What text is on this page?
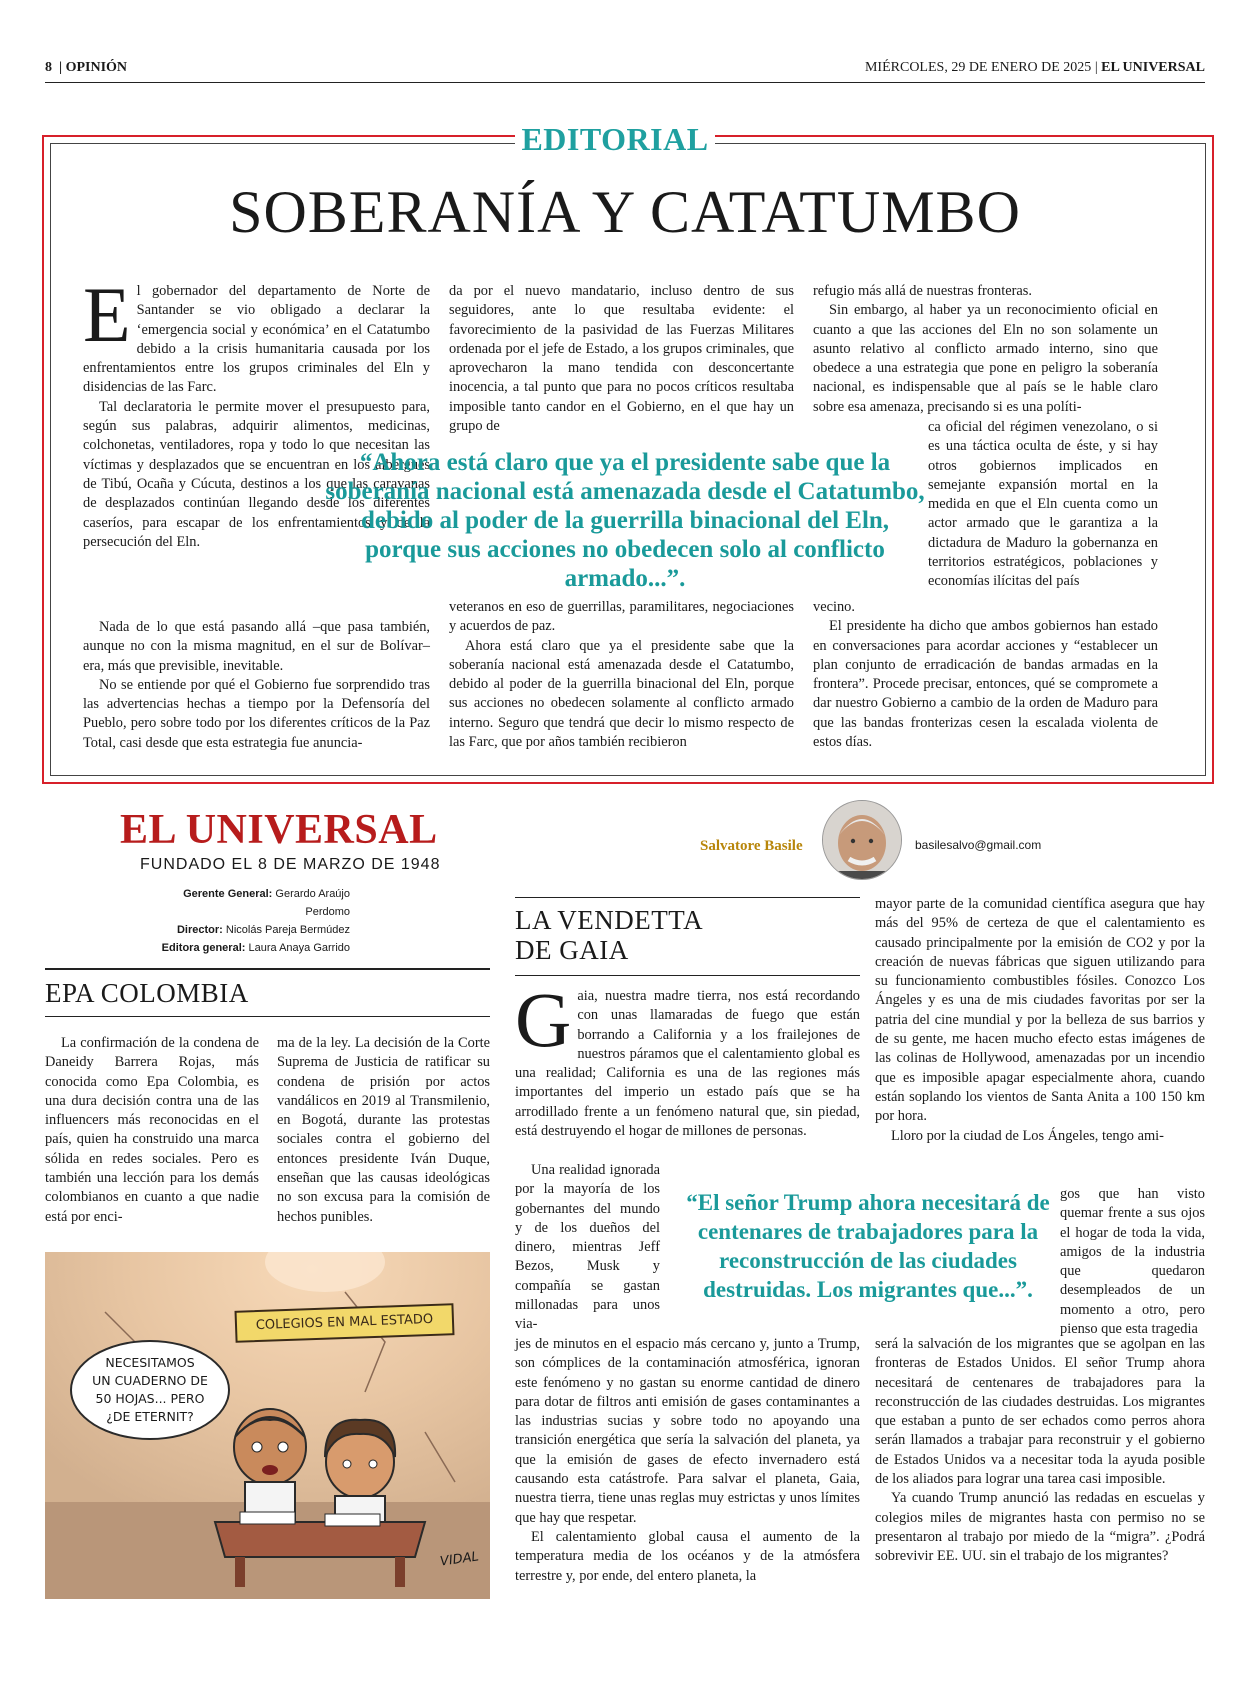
8  | OPINIÓN	MIÉRCOLES, 29 DE ENERO DE 2025 | EL UNIVERSAL
EDITORIAL
SOBERANÍA Y CATATUMBO

El gobernador del departamento de Norte de Santander se vio obligado a declarar la ‘emergencia social y económica’ en el Catatumbo debido a la crisis humanitaria causada por los enfrentamientos entre los grupos criminales del Eln y disidencias de las Farc.

Tal declaratoria le permite mover el presupuesto para, según sus palabras, adquirir alimentos, medicinas, colchonetas, ventiladores, ropa y todo lo que necesitan las víctimas y desplazados que se encuentran en los albergues de Tibú, Ocaña y Cúcuta, destinos a los que las caravanas de desplazados continúan llegando desde los diferentes caseríos, para escapar de los enfrentamientos y de la persecución del Eln.

Nada de lo que está pasando allá –que pasa también, aunque no con la misma magnitud, en el sur de Bolívar– era, más que previsible, inevitable.

No se entiende por qué el Gobierno fue sorprendido tras las advertencias hechas a tiempo por la Defensoría del Pueblo, pero sobre todo por los diferentes críticos de la Paz Total, casi desde que esta estrategia fue anuncia-

da por el nuevo mandatario, incluso dentro de sus seguidores, ante lo que resultaba evidente: el favorecimiento de la pasividad de las Fuerzas Militares ordenada por el jefe de Estado, a los grupos criminales, que aprovecharon la mano tendida con desconcertante inocencia, a tal punto que para no pocos críticos resultaba imposible tanto candor en el Gobierno, en el que hay un grupo de

veteranos en eso de guerrillas, paramilitares, negociaciones y acuerdos de paz.

Ahora está claro que ya el presidente sabe que la soberanía nacional está amenazada desde el Catatumbo, debido al poder de la guerrilla binacional del Eln, porque sus acciones no obedecen solamente al conflicto armado interno. Seguro que tendrá que decir lo mismo respecto de las Farc, que por años también recibieron

refugio más allá de nuestras fronteras.

Sin embargo, al haber ya un reconocimiento oficial en cuanto a que las acciones del Eln no son solamente un asunto relativo al conflicto armado interno, sino que obedece a una estrategia que pone en peligro la soberanía nacional, es indispensable que al país se le hable claro sobre esa amenaza, precisando si es una políti-

ca oficial del régimen venezolano, o si es una táctica oculta de éste, y si hay otros gobiernos implicados en semejante expansión mortal en la medida en que el Eln cuenta como un actor armado que le garantiza a la dictadura de Maduro la gobernanza en territorios estratégicos, poblaciones y economías ilícitas del país

vecino.

El presidente ha dicho que ambos gobiernos han estado en conversaciones para acordar acciones y “establecer un plan conjunto de erradicación de bandas armadas en la frontera”. Procede precisar, entonces, qué se compromete a dar nuestro Gobierno a cambio de la orden de Maduro para que las bandas fronterizas cesen la escalada violenta de estos días.

“Ahora está claro que ya el presidente sabe que la soberanía nacional está amenazada desde el Catatumbo, debido al poder de la guerrilla binacional del Eln, porque sus acciones no obedecen solo al conflicto armado...”.
EL UNIVERSAL
FUNDADO EL 8 DE MARZO DE 1948
Gerente General: Gerardo Araújo Perdomo
Director: Nicolás Pareja Bermúdez
Editora general: Laura Anaya Garrido
EPA COLOMBIA

La confirmación de la condena de Daneidy Barrera Rojas, más conocida como Epa Colombia, es una dura decisión contra una de las influencers más reconocidas en el país, quien ha construido una marca sólida en redes sociales. Pero es también una lección para los demás colombianos en cuanto a que nadie está por enci-

ma de la ley. La decisión de la Corte Suprema de Justicia de ratificar su condena de prisión por actos vandálicos en 2019 al Transmilenio, en Bogotá, durante las protestas sociales contra el gobierno del entonces presidente Iván Duque, enseñan que las causas ideológicas no son excusa para la comisión de hechos punibles.

COLEGIOS EN MAL ESTADO
NECESITAMOS
UN CUADERNO DE
50 HOJAS... PERO
¿DE ETERNIT?
VIDAL
Salvatore Basile	basilesalvo@gmail.com
LA VENDETTA
DE GAIA

Gaia, nuestra madre tierra, nos está recordando con unas llamaradas de fuego que están borrando a California y a los frailejones de nuestros páramos que el calentamiento global es una realidad; California es una de las regiones más importantes del imperio un estado país que se ha arrodillado frente a un fenómeno natural que, sin piedad, está destruyendo el hogar de millones de personas.

Una realidad ignorada por la mayoría de los gobernantes del mundo y de los dueños del dinero, mientras Jeff Bezos, Musk y compañía se gastan millonadas para unos via-

jes de minutos en el espacio más cercano y, junto a Trump, son cómplices de la contaminación atmosférica, ignoran este fenómeno y no gastan su enorme cantidad de dinero para dotar de filtros anti emisión de gases contaminantes a las industrias sucias y sobre todo no apoyando una transición energética que sería la salvación del planeta, ya que la emisión de gases de efecto invernadero está causando esta catástrofe. Para salvar el planeta, Gaia, nuestra tierra, tiene unas reglas muy estrictas y unos límites que hay que respetar.

El calentamiento global causa el aumento de la temperatura media de los océanos y de la atmósfera terrestre y, por ende, del entero planeta, la

mayor parte de la comunidad científica asegura que hay más del 95% de certeza de que el calentamiento es causado principalmente por la emisión de CO2 y por la creación de nuevas fábricas que siguen utilizando para su funcionamiento combustibles fósiles. Conozco Los Ángeles y es una de mis ciudades favoritas por ser la patria del cine mundial y por la belleza de sus barrios y de su gente, me hacen mucho efecto estas imágenes de las colinas de Hollywood, amenazadas por un incendio que es imposible apagar especialmente ahora, cuando están soplando los vientos de Santa Anita a 100 150 km por hora.

Lloro por la ciudad de Los Ángeles, tengo ami-

gos que han visto quemar frente a sus ojos el hogar de toda la vida, amigos de la industria que quedaron desempleados de un momento a otro, pero pienso que esta tragedia

será la salvación de los migrantes que se agolpan en las fronteras de Estados Unidos. El señor Trump ahora necesitará de centenares de trabajadores para la reconstrucción de las ciudades destruidas. Los migrantes que estaban a punto de ser echados como perros ahora serán llamados a trabajar para reconstruir y el gobierno de Estados Unidos va a necesitar toda la ayuda posible de los aliados para lograr una tarea casi imposible.

Ya cuando Trump anunció las redadas en escuelas y colegios miles de migrantes hasta con permiso no se presentaron al trabajo por miedo de la “migra”. ¿Podrá sobrevivir EE. UU. sin el trabajo de los migrantes?

“El señor Trump ahora necesitará de centenares de trabajadores para la reconstrucción de las ciudades destruidas. Los migrantes que...”.
